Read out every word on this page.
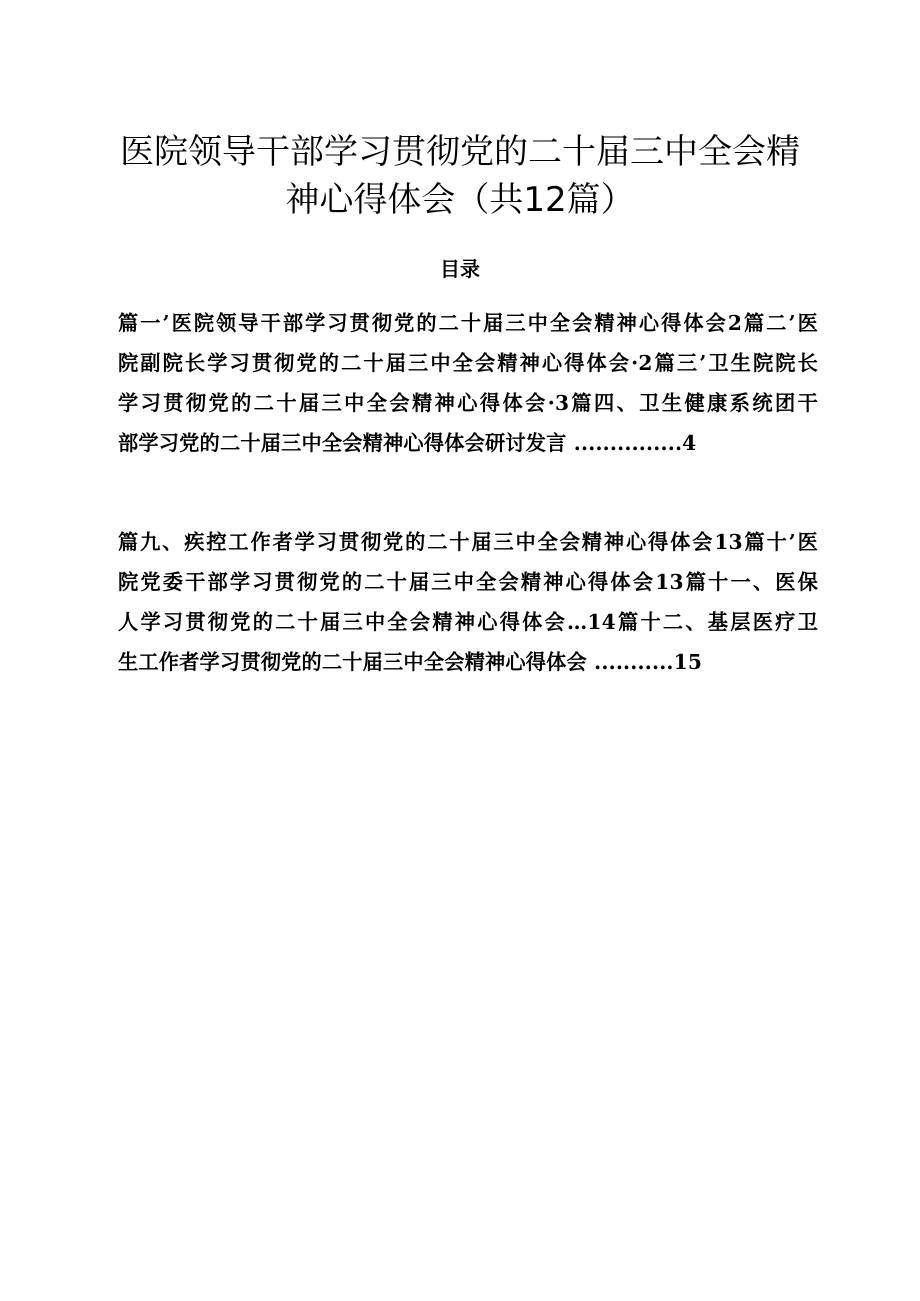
医院领导干部学习贯彻党的二十届三中全会精
神心得体会（共12篇）
目录
篇一’医院领导干部学习贯彻党的二十届三中全会精神心得体会2篇二’医
院副院长学习贯彻党的二十届三中全会精神心得体会·2篇三’卫生院院长
学习贯彻党的二十届三中全会精神心得体会·3篇四、卫生健康系统团干
部学习党的二十届三中全会精神心得体会研讨发言 ...............4
篇九、疾控工作者学习贯彻党的二十届三中全会精神心得体会13篇十’医
院党委干部学习贯彻党的二十届三中全会精神心得体会13篇十一、医保
人学习贯彻党的二十届三中全会精神心得体会…14篇十二、基层医疗卫
生工作者学习贯彻党的二十届三中全会精神心得体会 ...........15
